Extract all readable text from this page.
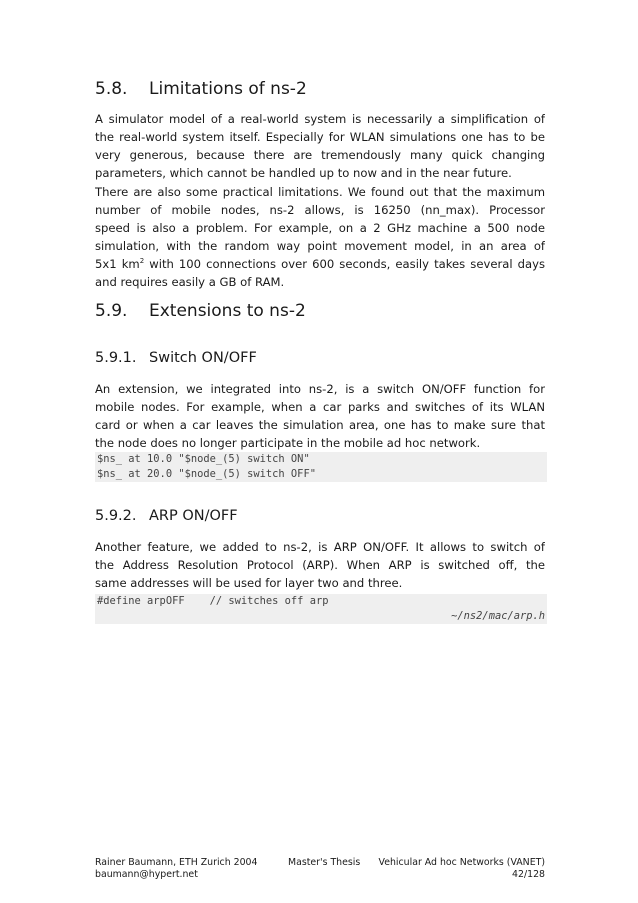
5.8. Limitations of ns-2
A simulator model of a real-world system is necessarily a simplification of
the real-world system itself. Especially for WLAN simulations one has to be
very generous, because there are tremendously many quick changing
parameters, which cannot be handled up to now and in the near future.
There are also some practical limitations. We found out that the maximum
number of mobile nodes, ns-2 allows, is 16250 (nn_max). Processor
speed is also a problem. For example, on a 2 GHz machine a 500 node
simulation, with the random way point movement model, in an area of
5x1 $km^2$ with 100 connections over 600 seconds, easily takes several days
and requires easily a GB of RAM.
5.9. Extensions to ns-2
5.9.1. Switch ON/OFF
An extension, we integrated into ns-2, is a switch ON/OFF function for
mobile nodes. For example, when a car parks and switches of its WLAN
card or when a car leaves the simulation area, one has to make sure that
the node does no longer participate in the mobile ad hoc network.
$ns_ at 10.0 "$node_(5) switch ON"
$ns_ at 20.0 "$node_(5) switch OFF"
5.9.2. ARP ON/OFF
Another feature, we added to ns-2, is ARP ON/OFF. It allows to switch of
the Address Resolution Protocol (ARP). When ARP is switched off, the
same addresses will be used for layer two and three.
#define arpOFF    // switches off arp
~/ns2/mac/arp.h
Rainer Baumann, ETH Zurich 2004	Master's Thesis Vehicular Ad hoc Networks (VANET)
baumann@hypert.net	42/128
